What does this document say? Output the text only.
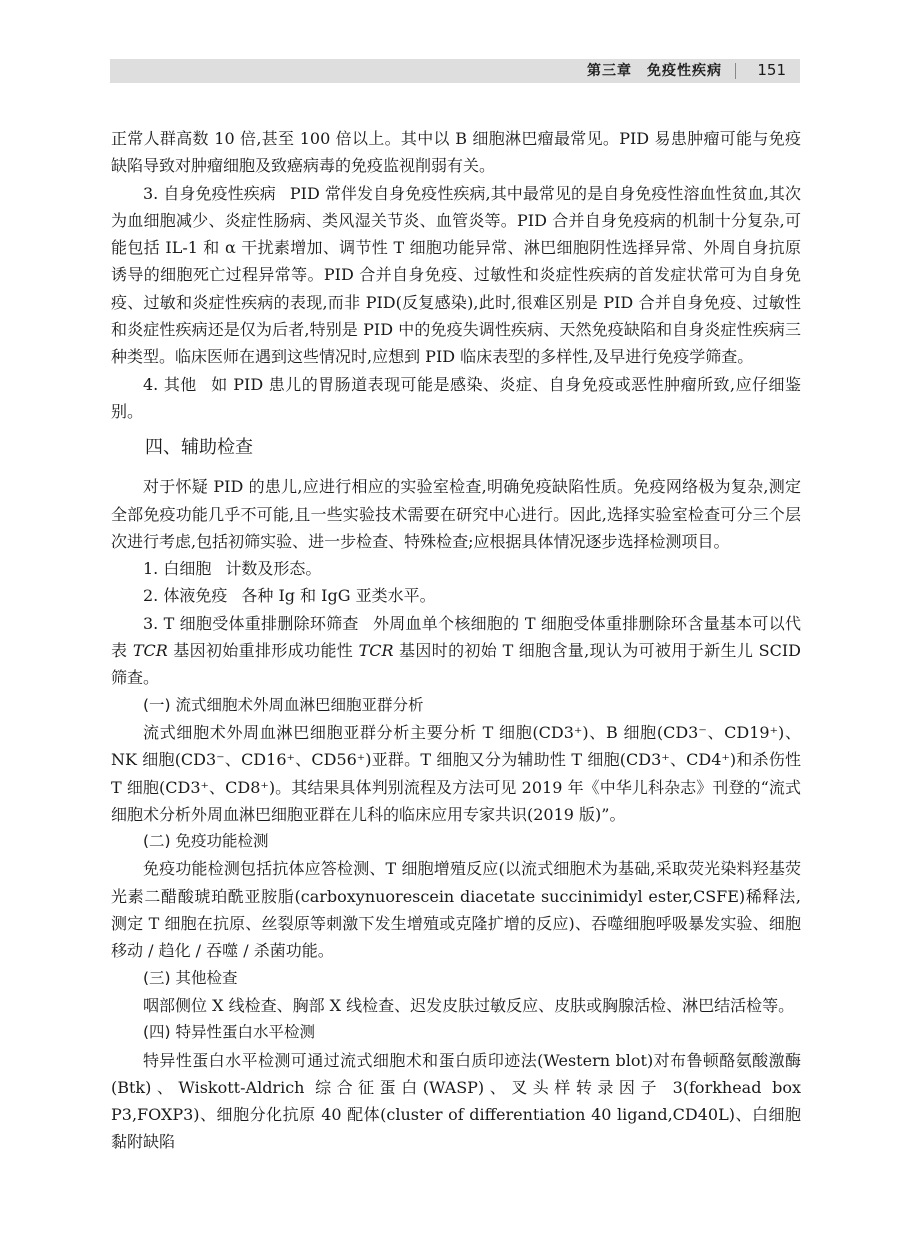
第三章　免疫性疾病 151

正常人群高数 10 倍,甚至 100 倍以上。其中以 B 细胞淋巴瘤最常见。PID 易患肿瘤可能与免疫缺陷导致对肿瘤细胞及致癌病毒的免疫监视削弱有关。

3. 自身免疫性疾病 PID 常伴发自身免疫性疾病,其中最常见的是自身免疫性溶血性贫血,其次为血细胞减少、炎症性肠病、类风湿关节炎、血管炎等。PID 合并自身免疫病的机制十分复杂,可能包括 IL-1 和 α 干扰素增加、调节性 T 细胞功能异常、淋巴细胞阴性选择异常、外周自身抗原诱导的细胞死亡过程异常等。PID 合并自身免疫、过敏性和炎症性疾病的首发症状常可为自身免疫、过敏和炎症性疾病的表现,而非 PID(反复感染),此时,很难区别是 PID 合并自身免疫、过敏性和炎症性疾病还是仅为后者,特别是 PID 中的免疫失调性疾病、天然免疫缺陷和自身炎症性疾病三种类型。临床医师在遇到这些情况时,应想到 PID 临床表型的多样性,及早进行免疫学筛查。

4. 其他 如 PID 患儿的胃肠道表现可能是感染、炎症、自身免疫或恶性肿瘤所致,应仔细鉴别。

四、辅助检查

对于怀疑 PID 的患儿,应进行相应的实验室检查,明确免疫缺陷性质。免疫网络极为复杂,测定全部免疫功能几乎不可能,且一些实验技术需要在研究中心进行。因此,选择实验室检查可分三个层次进行考虑,包括初筛实验、进一步检查、特殊检查;应根据具体情况逐步选择检测项目。

1. 白细胞 计数及形态。

2. 体液免疫 各种 Ig 和 IgG 亚类水平。

3. T 细胞受体重排删除环筛查 外周血单个核细胞的 T 细胞受体重排删除环含量基本可以代表 TCR 基因初始重排形成功能性 TCR 基因时的初始 T 细胞含量,现认为可被用于新生儿 SCID 筛查。

(一) 流式细胞术外周血淋巴细胞亚群分析

流式细胞术外周血淋巴细胞亚群分析主要分析 T 细胞(CD3⁺)、B 细胞(CD3⁻、CD19⁺)、NK 细胞(CD3⁻、CD16⁺、CD56⁺)亚群。T 细胞又分为辅助性 T 细胞(CD3⁺、CD4⁺)和杀伤性 T 细胞(CD3⁺、CD8⁺)。其结果具体判别流程及方法可见 2019 年《中华儿科杂志》刊登的“流式细胞术分析外周血淋巴细胞亚群在儿科的临床应用专家共识(2019 版)”。

(二) 免疫功能检测

免疫功能检测包括抗体应答检测、T 细胞增殖反应(以流式细胞术为基础,采取荧光染料羟基荧光素二醋酸琥珀酰亚胺脂(carboxynuorescein diacetate succinimidyl ester,CSFE)稀释法,测定 T 细胞在抗原、丝裂原等刺激下发生增殖或克隆扩增的反应)、吞噬细胞呼吸暴发实验、细胞移动 / 趋化 / 吞噬 / 杀菌功能。

(三) 其他检查

咽部侧位 X 线检查、胸部 X 线检查、迟发皮肤过敏反应、皮肤或胸腺活检、淋巴结活检等。

(四) 特异性蛋白水平检测

特异性蛋白水平检测可通过流式细胞术和蛋白质印迹法(Western blot)对布鲁顿酪氨酸激酶(Btk)、Wiskott-Aldrich 综合征蛋白(WASP)、叉头样转录因子 3(forkhead box P3,FOXP3)、细胞分化抗原 40 配体(cluster of differentiation 40 ligand,CD40L)、白细胞黏附缺陷
